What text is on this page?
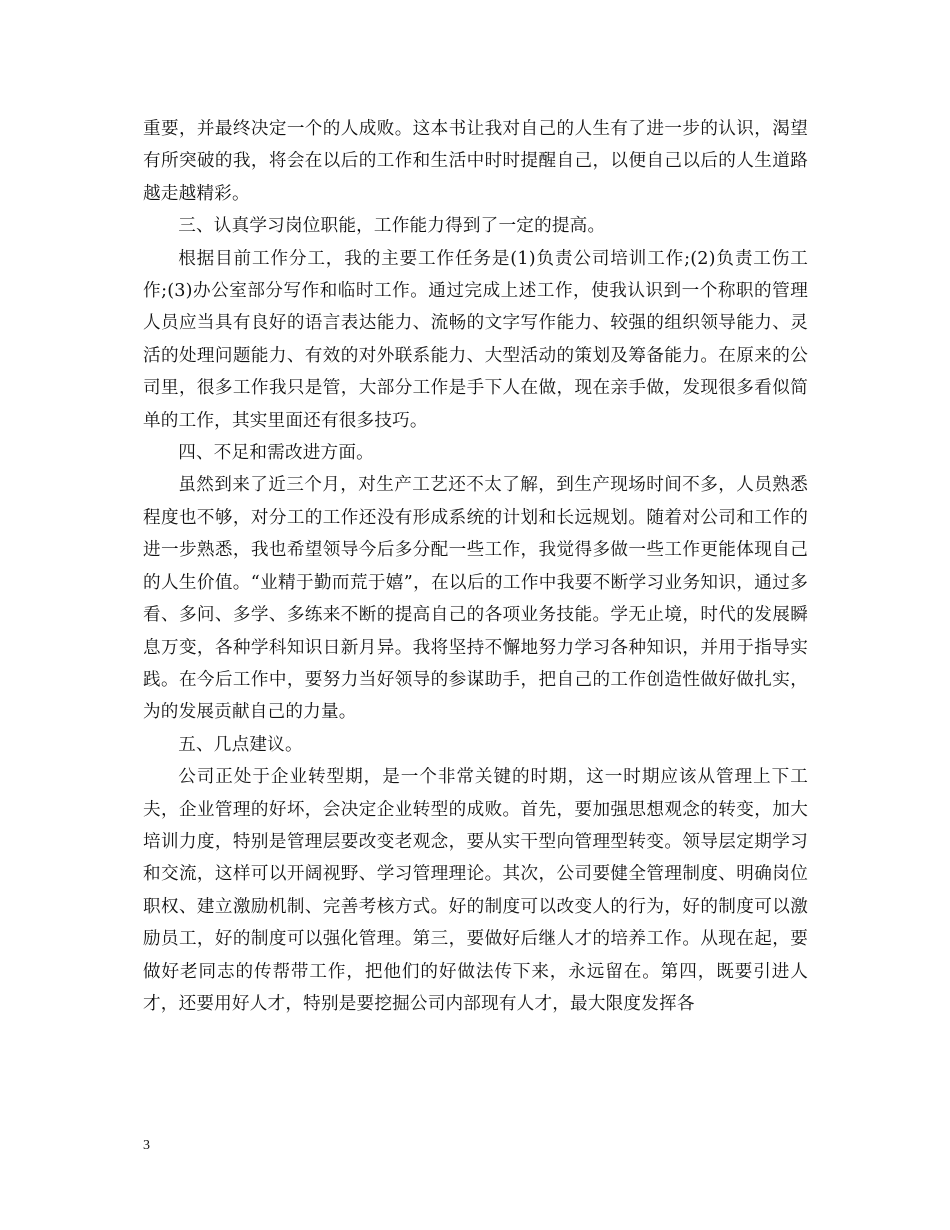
重要，并最终决定一个的人成败。这本书让我对自己的人生有了进一步的认识，渴望有所突破的我，将会在以后的工作和生活中时时提醒自己，以便自己以后的人生道路越走越精彩。

三、认真学习岗位职能，工作能力得到了一定的提高。

根据目前工作分工，我的主要工作任务是(1)负责公司培训工作;(2)负责工伤工作;(3)办公室部分写作和临时工作。通过完成上述工作，使我认识到一个称职的管理人员应当具有良好的语言表达能力、流畅的文字写作能力、较强的组织领导能力、灵活的处理问题能力、有效的对外联系能力、大型活动的策划及筹备能力。在原来的公司里，很多工作我只是管，大部分工作是手下人在做，现在亲手做，发现很多看似简单的工作，其实里面还有很多技巧。

四、不足和需改进方面。

虽然到来了近三个月，对生产工艺还不太了解，到生产现场时间不多，人员熟悉程度也不够，对分工的工作还没有形成系统的计划和长远规划。随着对公司和工作的进一步熟悉，我也希望领导今后多分配一些工作，我觉得多做一些工作更能体现自己的人生价值。“业精于勤而荒于嬉”，在以后的工作中我要不断学习业务知识，通过多看、多问、多学、多练来不断的提高自己的各项业务技能。学无止境，时代的发展瞬息万变，各种学科知识日新月异。我将坚持不懈地努力学习各种知识，并用于指导实践。在今后工作中，要努力当好领导的参谋助手，把自己的工作创造性做好做扎实，为的发展贡献自己的力量。

五、几点建议。

公司正处于企业转型期，是一个非常关键的时期，这一时期应该从管理上下工夫，企业管理的好坏，会决定企业转型的成败。首先，要加强思想观念的转变，加大培训力度，特别是管理层要改变老观念，要从实干型向管理型转变。领导层定期学习和交流，这样可以开阔视野、学习管理理论。其次，公司要健全管理制度、明确岗位职权、建立激励机制、完善考核方式。好的制度可以改变人的行为，好的制度可以激励员工，好的制度可以强化管理。第三，要做好后继人才的培养工作。从现在起，要做好老同志的传帮带工作，把他们的好做法传下来，永远留在。第四，既要引进人才，还要用好人才，特别是要挖掘公司内部现有人才，最大限度发挥各

3
